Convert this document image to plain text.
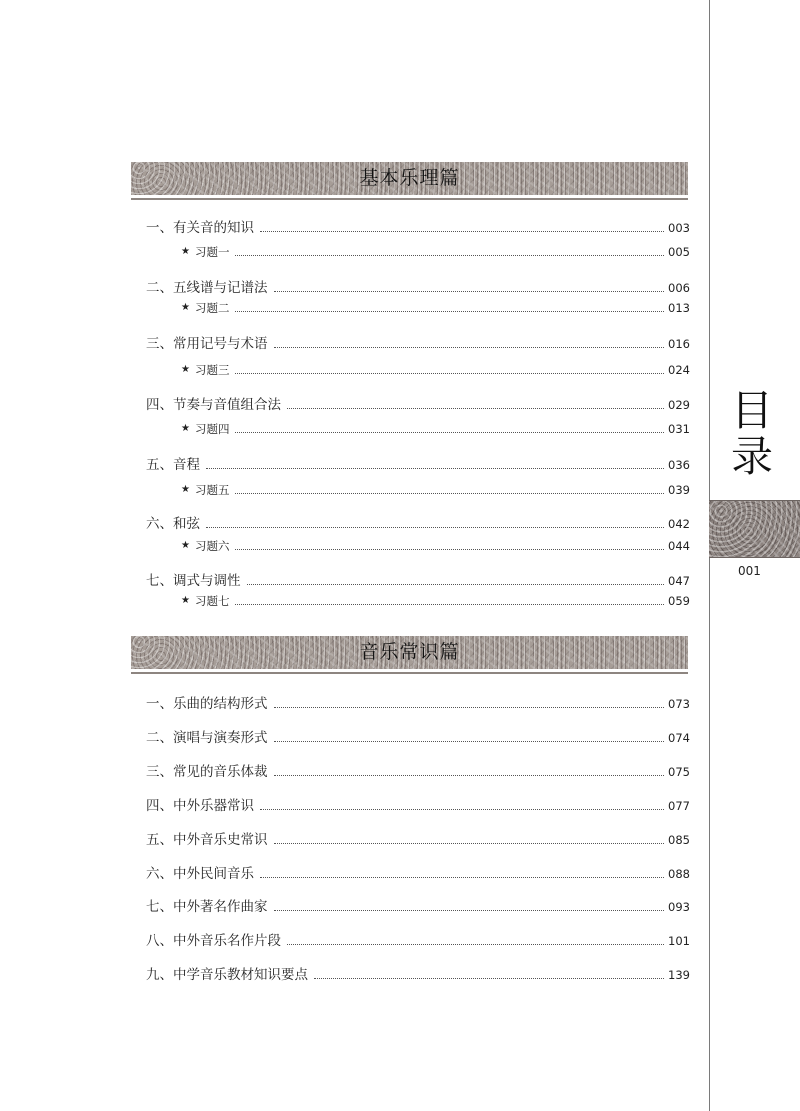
目
录
001
基本乐理篇
一、有关音的知识	003
★ 习题一	005
二、五线谱与记谱法	006
★ 习题二	013
三、常用记号与术语	016
★ 习题三	024
四、节奏与音值组合法	029
★ 习题四	031
五、音程	036
★ 习题五	039
六、和弦	042
★ 习题六	044
七、调式与调性	047
★ 习题七	059
音乐常识篇
一、乐曲的结构形式	073
二、演唱与演奏形式	074
三、常见的音乐体裁	075
四、中外乐器常识	077
五、中外音乐史常识	085
六、中外民间音乐	088
七、中外著名作曲家	093
八、中外音乐名作片段	101
九、中学音乐教材知识要点	139
